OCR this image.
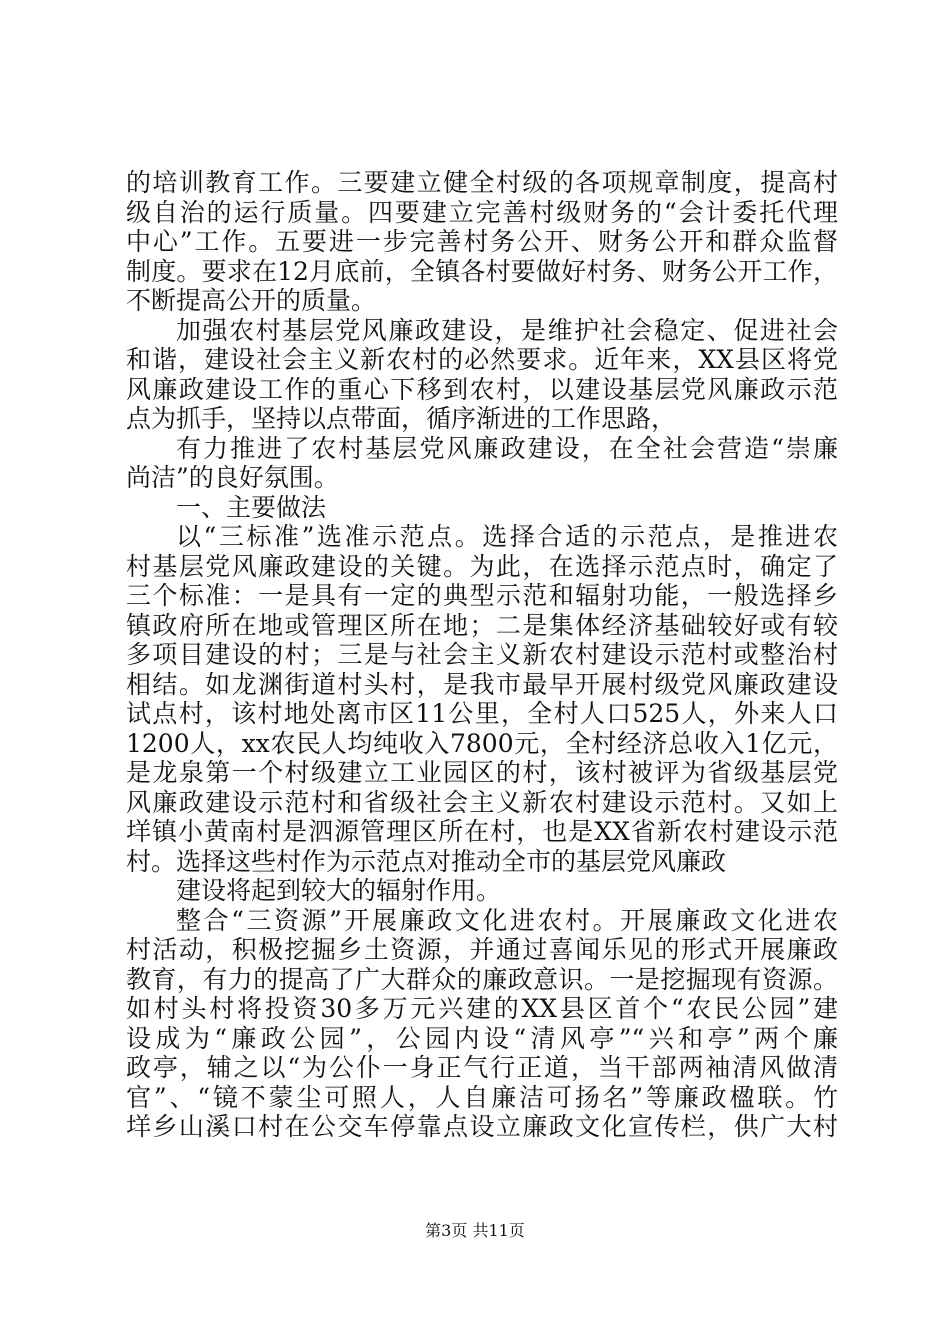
的培训教育工作。三要建立健全村级的各项规章制度，提高村
级自治的运行质量。四要建立完善村级财务的“会计委托代理
中心”工作。五要进一步完善村务公开、财务公开和群众监督
制度。要求在12月底前，全镇各村要做好村务、财务公开工作，
不断提高公开的质量。
加强农村基层党风廉政建设，是维护社会稳定、促进社会
和谐，建设社会主义新农村的必然要求。近年来，XX县区将党
风廉政建设工作的重心下移到农村，以建设基层党风廉政示范
点为抓手，坚持以点带面，循序渐进的工作思路，
有力推进了农村基层党风廉政建设，在全社会营造“崇廉
尚洁”的良好氛围。
一、主要做法
以“三标准”选准示范点。选择合适的示范点，是推进农
村基层党风廉政建设的关键。为此，在选择示范点时，确定了
三个标准：一是具有一定的典型示范和辐射功能，一般选择乡
镇政府所在地或管理区所在地；二是集体经济基础较好或有较
多项目建设的村；三是与社会主义新农村建设示范村或整治村
相结。如龙渊街道村头村，是我市最早开展村级党风廉政建设
试点村，该村地处离市区11公里，全村人口525人，外来人口
1200人，xx农民人均纯收入7800元，全村经济总收入1亿元，
是龙泉第一个村级建立工业园区的村，该村被评为省级基层党
风廉政建设示范村和省级社会主义新农村建设示范村。又如上
垟镇小黄南村是泗源管理区所在村，也是XX省新农村建设示范
村。选择这些村作为示范点对推动全市的基层党风廉政
建设将起到较大的辐射作用。
整合“三资源”开展廉政文化进农村。开展廉政文化进农
村活动，积极挖掘乡土资源，并通过喜闻乐见的形式开展廉政
教育，有力的提高了广大群众的廉政意识。一是挖掘现有资源。
如村头村将投资30多万元兴建的XX县区首个“农民公园”建
设成为“廉政公园”，公园内设“清风亭”“兴和亭”两个廉
政亭，辅之以“为公仆一身正气行正道，当干部两袖清风做清
官”、“镜不蒙尘可照人，人自廉洁可扬名”等廉政楹联。竹
垟乡山溪口村在公交车停靠点设立廉政文化宣传栏，供广大村
第3页 共11页
